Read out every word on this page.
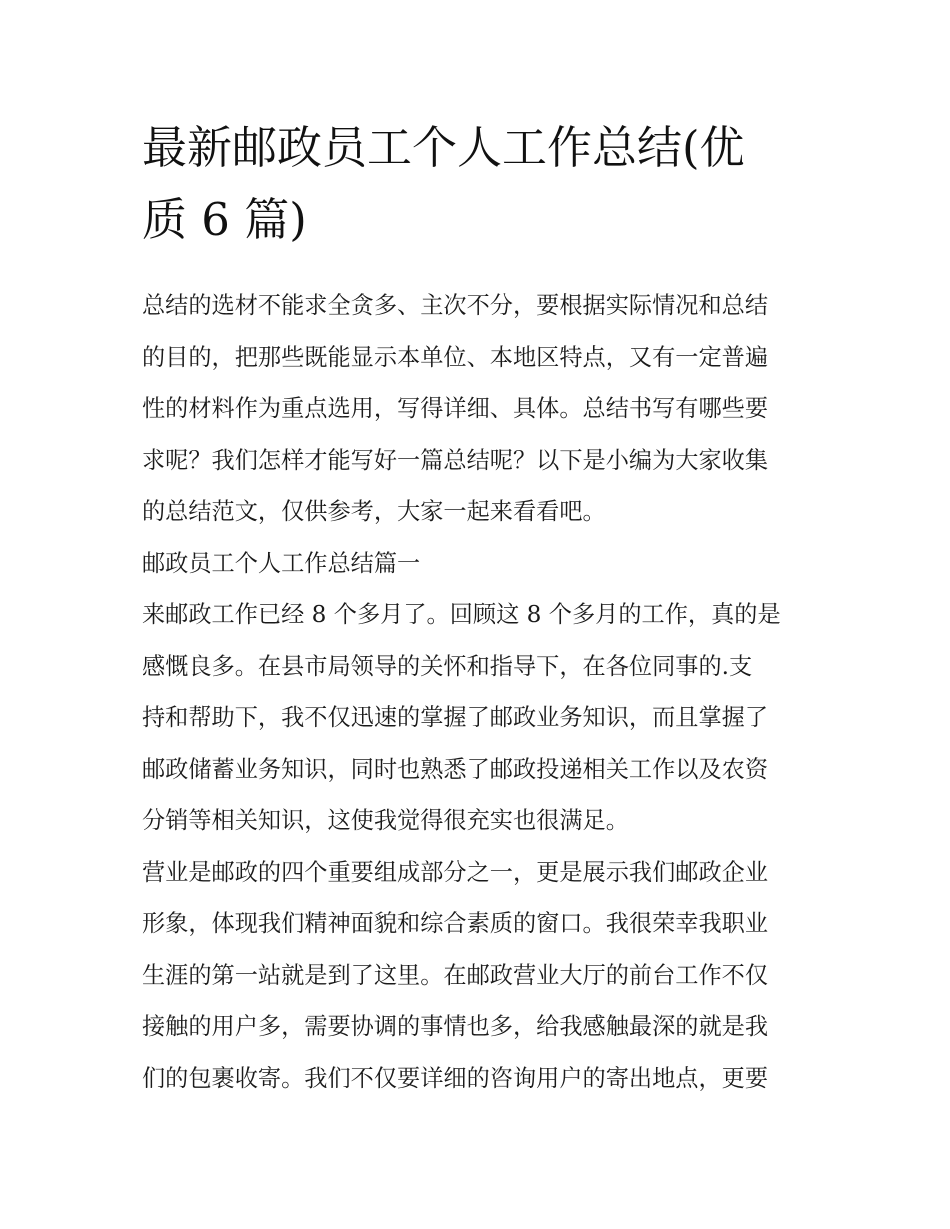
最新邮政员工个人工作总结(优
质 6 篇)
总结的选材不能求全贪多、主次不分，要根据实际情况和总结
的目的，把那些既能显示本单位、本地区特点，又有一定普遍
性的材料作为重点选用，写得详细、具体。总结书写有哪些要
求呢？我们怎样才能写好一篇总结呢？以下是小编为大家收集
的总结范文，仅供参考，大家一起来看看吧。
邮政员工个人工作总结篇一
来邮政工作已经 8 个多月了。回顾这 8 个多月的工作，真的是
感慨良多。在县市局领导的关怀和指导下，在各位同事的.支
持和帮助下，我不仅迅速的掌握了邮政业务知识，而且掌握了
邮政储蓄业务知识，同时也熟悉了邮政投递相关工作以及农资
分销等相关知识，这使我觉得很充实也很满足。
营业是邮政的四个重要组成部分之一，更是展示我们邮政企业
形象，体现我们精神面貌和综合素质的窗口。我很荣幸我职业
生涯的第一站就是到了这里。在邮政营业大厅的前台工作不仅
接触的用户多，需要协调的事情也多，给我感触最深的就是我
们的包裹收寄。我们不仅要详细的咨询用户的寄出地点，更要
